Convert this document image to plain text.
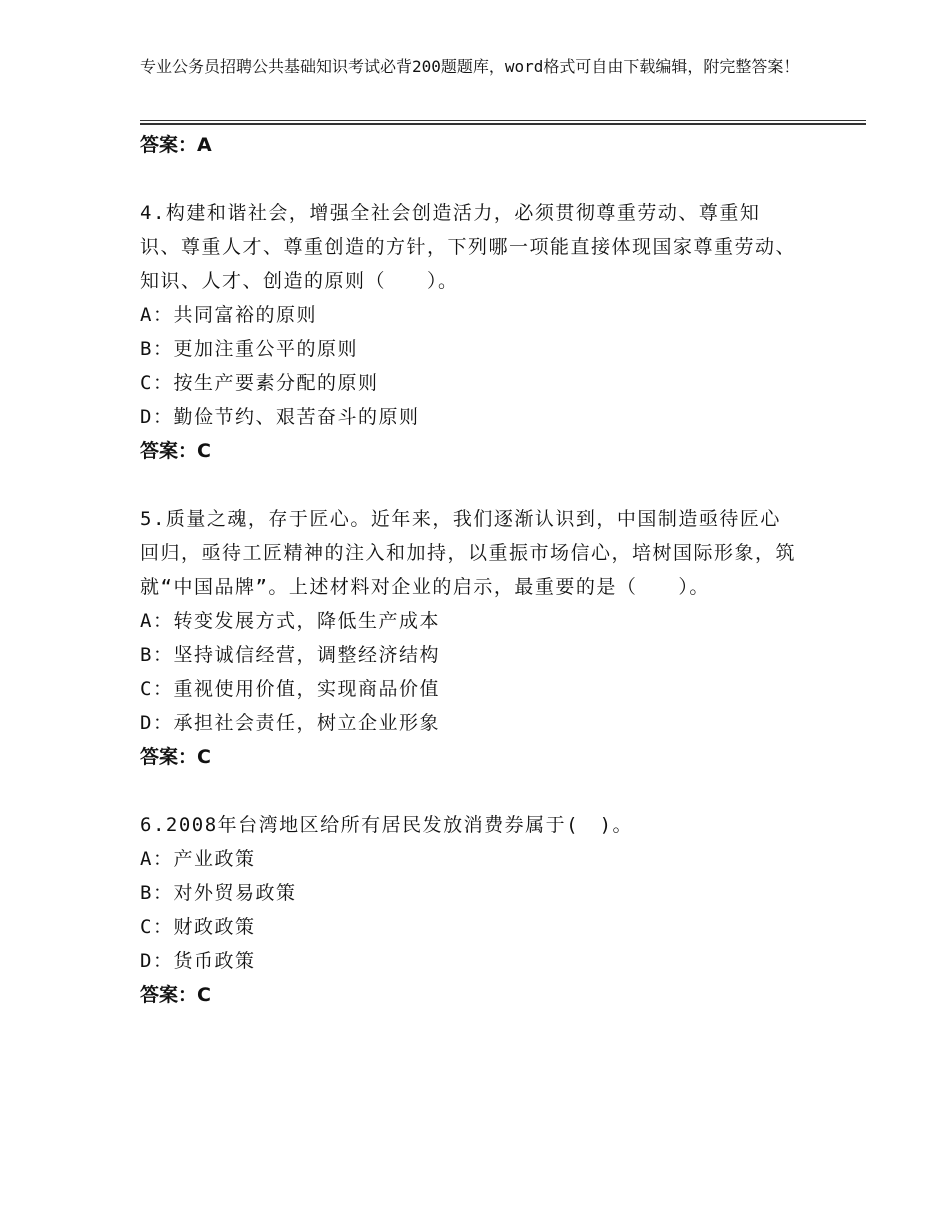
专业公务员招聘公共基础知识考试必背200题题库，word格式可自由下载编辑，附完整答案！
答案：A
4.构建和谐社会，增强全社会创造活力，必须贯彻尊重劳动、尊重知识、尊重人才、尊重创造的方针，下列哪一项能直接体现国家尊重劳动、知识、人才、创造的原则（　　）。
A：共同富裕的原则
B：更加注重公平的原则
C：按生产要素分配的原则
D：勤俭节约、艰苦奋斗的原则
答案：C
5.质量之魂，存于匠心。近年来，我们逐渐认识到，中国制造亟待匠心回归，亟待工匠精神的注入和加持，以重振市场信心，培树国际形象，筑就“中国品牌”。上述材料对企业的启示，最重要的是（　　）。
A：转变发展方式，降低生产成本
B：坚持诚信经营，调整经济结构
C：重视使用价值，实现商品价值
D：承担社会责任，树立企业形象
答案：C
6.2008年台湾地区给所有居民发放消费券属于(　)。
A：产业政策
B：对外贸易政策
C：财政政策
D：货币政策
答案：C
